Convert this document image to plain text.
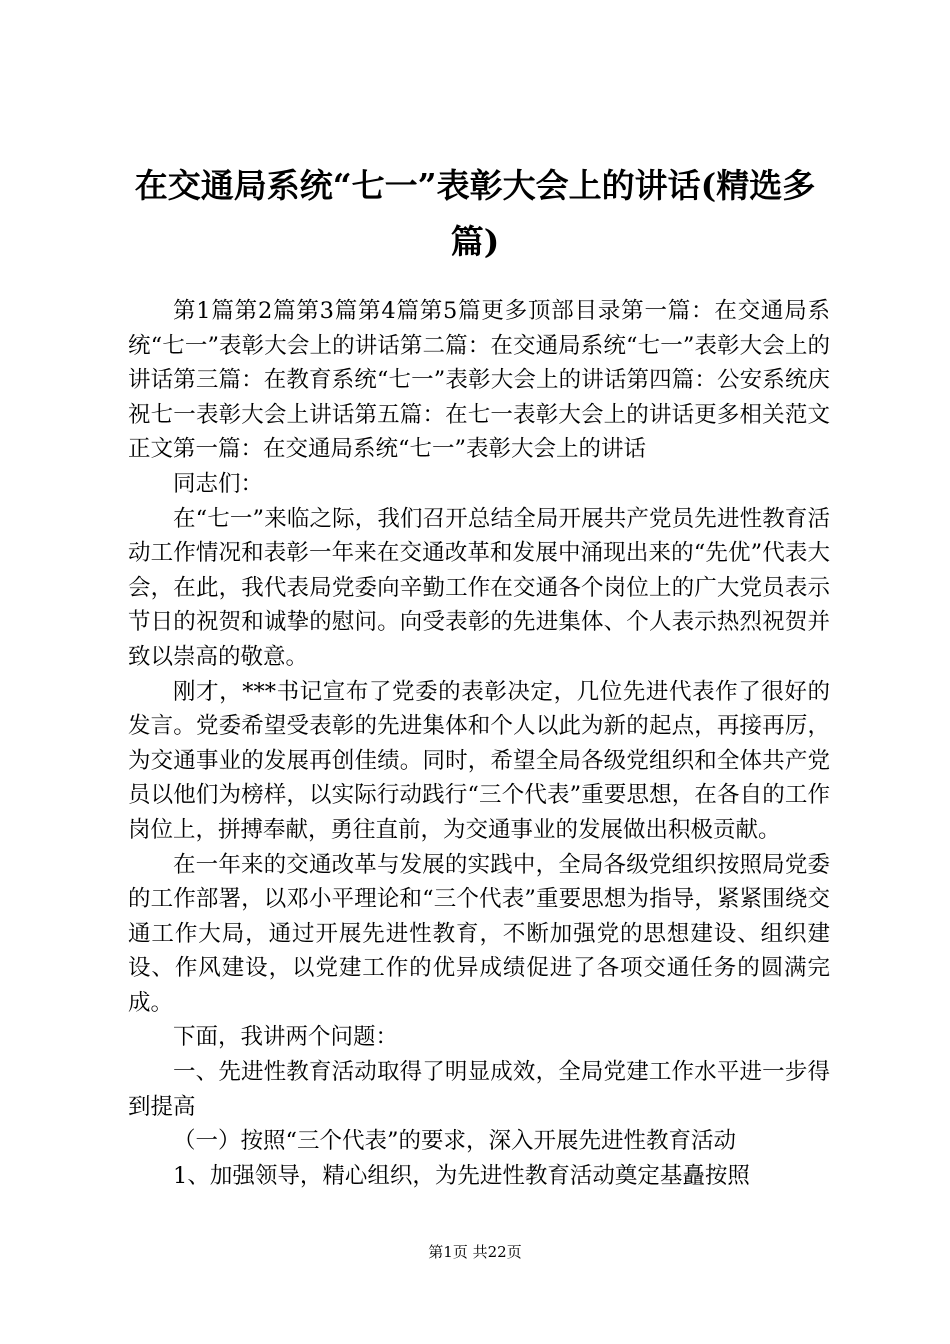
在交通局系统“七一”表彰大会上的讲话(精选多篇)

第1篇第2篇第3篇第4篇第5篇更多顶部目录第一篇：在交通局系统“七一”表彰大会上的讲话第二篇：在交通局系统“七一”表彰大会上的讲话第三篇：在教育系统“七一”表彰大会上的讲话第四篇：公安系统庆祝七一表彰大会上讲话第五篇：在七一表彰大会上的讲话更多相关范文正文第一篇：在交通局系统“七一”表彰大会上的讲话

同志们：

在“七一”来临之际，我们召开总结全局开展共产党员先进性教育活动工作情况和表彰一年来在交通改革和发展中涌现出来的“先优”代表大会，在此，我代表局党委向辛勤工作在交通各个岗位上的广大党员表示节日的祝贺和诚挚的慰问。向受表彰的先进集体、个人表示热烈祝贺并致以崇高的敬意。

刚才，***书记宣布了党委的表彰决定，几位先进代表作了很好的发言。党委希望受表彰的先进集体和个人以此为新的起点，再接再厉，为交通事业的发展再创佳绩。同时，希望全局各级党组织和全体共产党员以他们为榜样，以实际行动践行“三个代表”重要思想，在各自的工作岗位上，拼搏奉献，勇往直前，为交通事业的发展做出积极贡献。

在一年来的交通改革与发展的实践中，全局各级党组织按照局党委的工作部署，以邓小平理论和“三个代表”重要思想为指导，紧紧围绕交通工作大局，通过开展先进性教育，不断加强党的思想建设、组织建设、作风建设，以党建工作的优异成绩促进了各项交通任务的圆满完成。

下面，我讲两个问题：

一、先进性教育活动取得了明显成效，全局党建工作水平进一步得到提高

（一）按照“三个代表”的要求，深入开展先进性教育活动

1、加强领导，精心组织，为先进性教育活动奠定基矗按照

第1页 共22页
